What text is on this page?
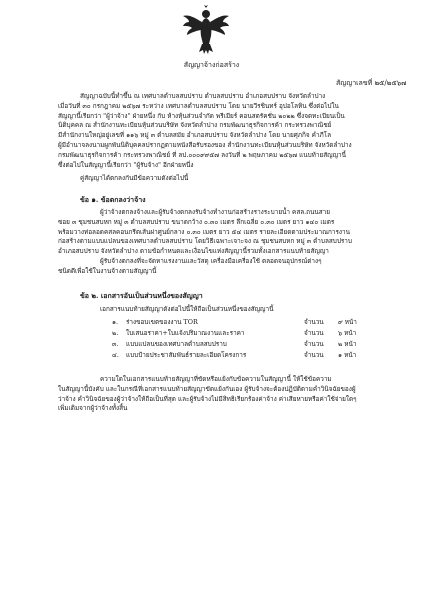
สัญญาจ้างก่อสร้าง
สัญญาเลขที่ ๒๕/๒๕๖๗
สัญญาฉบับนี้ทำขึ้น ณ เทศบาลตำบลสบปราบ ตำบลสบปราบ อำเภอสบปราบ จังหวัดลำปาง
เมื่อวันที่ ๓๐ กรกฎาคม ๒๕๖๗ ระหว่าง เทศบาลตำบลสบปราบ โดย นายวีรชินทร์ อุปอโลหิน ซึ่งต่อไปใน
สัญญานี้เรียกว่า "ผู้ว่าจ้าง" ฝ่ายหนึ่ง กับ ห้างหุ้นส่วนจำกัด พรีเมียร์ คอนสตรัคชั่น ๒๐๒๒ ซึ่งจดทะเบียนเป็น
นิติบุคคล ณ สำนักงานทะเบียนหุ้นส่วนบริษัท จังหวัดลำปาง กรมพัฒนาธุรกิจการค้า กระทรวงพาณิชย์
มีสำนักงานใหญ่อยู่เลขที่ ๑๑๖ หมู่ ๓ ตำบลสมัย อำเภอสบปราบ จังหวัดลำปาง โดย นายศุภกิจ คำภีโล
ผู้มีอำนาจลงนามผูกพันนิติบุคคลปรากฏตามหนังสือรับรองของ สำนักงานทะเบียนหุ้นส่วนบริษัท จังหวัดลำปาง
กรมพัฒนาธุรกิจการค้า กระทรวงพาณิชย์ ที่ ลป.๐๐๐๙๙๕๗ ลงวันที่ ๒ พฤษภาคม ๒๕๖๗ แนบท้ายสัญญานี้
ซึ่งต่อไปในสัญญานี้เรียกว่า "ผู้รับจ้าง" อีกฝ่ายหนึ่ง
คู่สัญญาได้ตกลงกันมีข้อความดังต่อไปนี้
ข้อ ๑. ข้อตกลงว่าจ้าง
ผู้ว่าจ้างตกลงจ้างและผู้รับจ้างตกลงรับจ้างทำงานก่อสร้างรางระบายน้ำ คสล.ถนนสาย
ซอย ๓ ชุมชนสบหก หมู่ ๓ ตำบลสบปราบ ขนาดกว้าง ๐.๓๐ เมตร ลึกเฉลี่ย ๐.๓๐ เมตร ยาว ๑๔๐ เมตร
พร้อมวางท่อลอดคสลคอนกรีตเส้นผ่าศูนย์กลาง ๐.๓๐ เมตร ยาว ๕๔ เมตร รายละเอียดตามประมาณการงาน
ก่อสร้างตามแบบแปลนของเทศบาลตำบลสบปราบ โดยวิธีเฉพาะเจาะจง ณ ชุมชนสบหก หมู่ ๓ ตำบลสบปราบ
อำเภอสบปราบ จังหวัดลำปาง ตามข้อกำหนดและเงื่อนไขแห่งสัญญานี้รวมทั้งเอกสารแนบท้ายสัญญา
ผู้รับจ้างตกลงที่จะจัดหาแรงงานและวัสดุ เครื่องมือเครื่องใช้ ตลอดจนอุปกรณ์ต่างๆ
ชนิดดีเพื่อใช้ในงานจ้างตามสัญญานี้
ข้อ ๒. เอกสารอันเป็นส่วนหนึ่งของสัญญา
เอกสารแนบท้ายสัญญาดังต่อไปนี้ให้ถือเป็นส่วนหนึ่งของสัญญานี้
๑.	ร่างขอบเขตของงาน TOR	จำนวน	๙ หน้า
๒.	ใบเสนอราคา+ใบแจ้งปริมาณงานและราคา	จำนวน	๖ หน้า
๓.	แบบแปลนของเทศบาลตำบลสบปราบ	จำนวน	๒ หน้า
๔.	แบบป้ายประชาสัมพันธ์รายละเอียดโครงการ	จำนวน	๑ หน้า
ความใดในเอกสารแนบท้ายสัญญาที่ขัดหรือแย้งกับข้อความในสัญญานี้ ให้ใช้ข้อความ
ในสัญญานี้บังคับ และในกรณีที่เอกสารแนบท้ายสัญญาขัดแย้งกันเอง ผู้รับจ้างจะต้องปฏิบัติตามคำวินิจฉัยของผู้
ว่าจ้าง คำวินิจฉัยของผู้ว่าจ้างให้ถือเป็นที่สุด และผู้รับจ้างไม่มีสิทธิเรียกร้องค่าจ้าง ค่าเสียหายหรือค่าใช้จ่ายใดๆ
เพิ่มเติมจากผู้ว่าจ้างทั้งสิ้น
